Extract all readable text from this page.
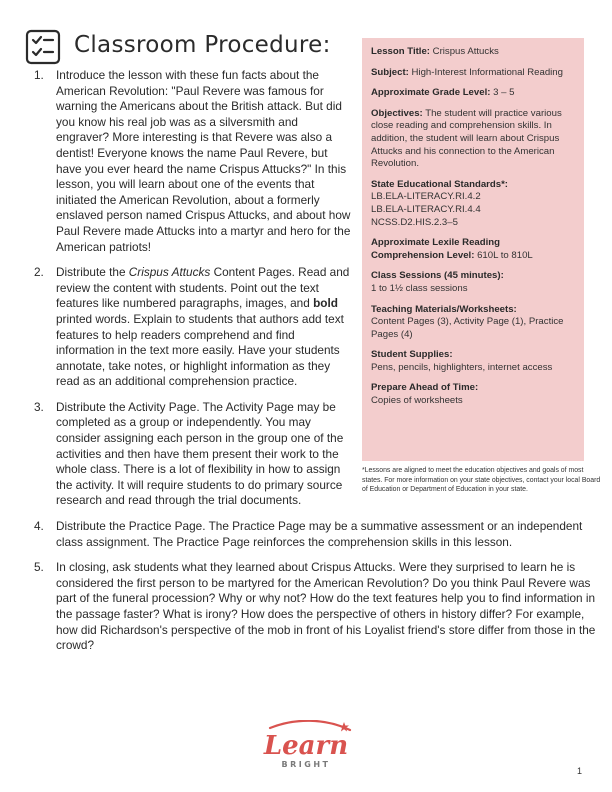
Classroom Procedure:
1. Introduce the lesson with these fun facts about the American Revolution: "Paul Revere was famous for warning the Americans about the British attack. But did you know his real job was as a silversmith and engraver? More interesting is that Revere was also a dentist! Everyone knows the name Paul Revere, but have you ever heard the name Crispus Attucks?" In this lesson, you will learn about one of the events that initiated the American Revolution, about a formerly enslaved person named Crispus Attucks, and about how Paul Revere made Attucks into a martyr and hero for the American patriots!
2. Distribute the Crispus Attucks Content Pages. Read and review the content with students. Point out the text features like numbered paragraphs, images, and bold printed words. Explain to students that authors add text features to help readers comprehend and find information in the text more easily. Have your students annotate, take notes, or highlight information as they read as an additional comprehension practice.
3. Distribute the Activity Page. The Activity Page may be completed as a group or independently. You may consider assigning each person in the group one of the activities and then have them present their work to the whole class. There is a lot of flexibility in how to assign the activity. It will require students to do primary source research and read through the trial documents.
4. Distribute the Practice Page. The Practice Page may be a summative assessment or an independent class assignment. The Practice Page reinforces the comprehension skills in this lesson.
5. In closing, ask students what they learned about Crispus Attucks. Were they surprised to learn he is considered the first person to be martyred for the American Revolution? Do you think Paul Revere was part of the funeral procession? Why or why not? How do the text features help you to find information in the passage faster? What is irony? How does the perspective of others in history differ? For example, how did Richardson's perspective of the mob in front of his Loyalist friend's store differ from those in the crowd?

Lesson Title: Crispus Attucks

Subject: High-Interest Informational Reading

Approximate Grade Level: 3 – 5

Objectives: The student will practice various close reading and comprehension skills. In addition, the student will learn about Crispus Attucks and his connection to the American Revolution.

State Educational Standards*:
LB.ELA-LITERACY.RI.4.2
LB.ELA-LITERACY.RI.4.4
NCSS.D2.HIS.2.3–5

Approximate Lexile Reading Comprehension Level: 610L to 810L

Class Sessions (45 minutes):
1 to 1½ class sessions

Teaching Materials/Worksheets:
Content Pages (3), Activity Page (1), Practice Pages (4)

Student Supplies:
Pens, pencils, highlighters, internet access

Prepare Ahead of Time:
Copies of worksheets

*Lessons are aligned to meet the education objectives and goals of most states. For more information on your state objectives, contact your local Board of Education or Department of Education in your state.
Learn
BRIGHT
1
